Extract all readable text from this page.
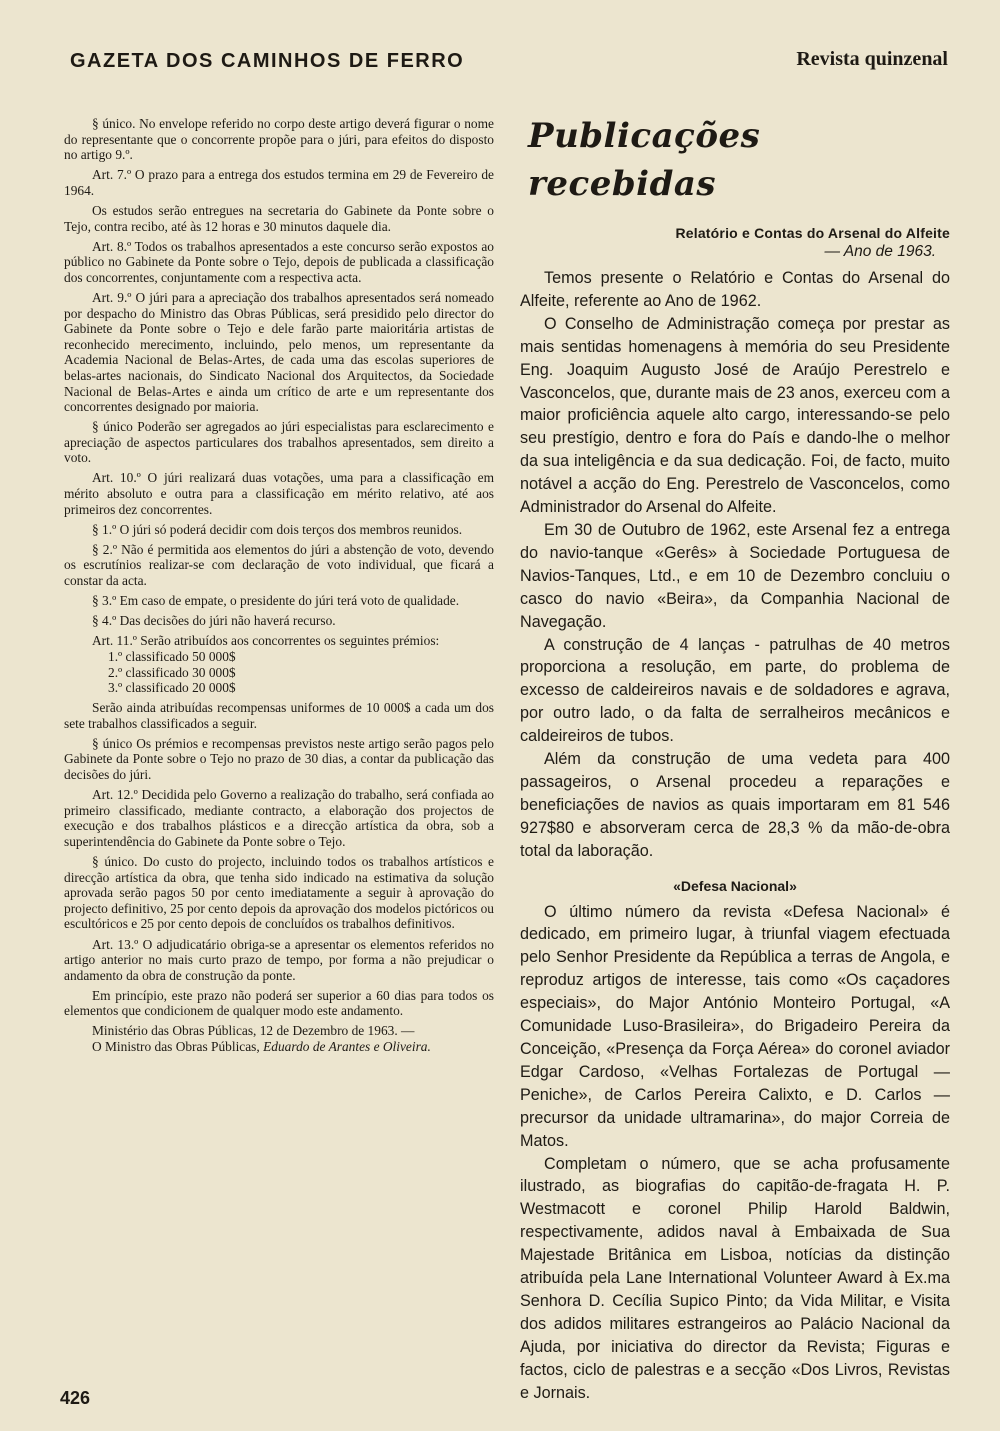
GAZETA DOS CAMINHOS DE FERRO	Revista quinzenal

§ único. No envelope referido no corpo deste artigo deverá figurar o nome do representante que o concorrente propõe para o júri, para efeitos do disposto no artigo 9.º.

Art. 7.º O prazo para a entrega dos estudos termina em 29 de Fevereiro de 1964.

Os estudos serão entregues na secretaria do Gabinete da Ponte sobre o Tejo, contra recibo, até às 12 horas e 30 minutos daquele dia.

Art. 8.º Todos os trabalhos apresentados a este concurso serão expostos ao público no Gabinete da Ponte sobre o Tejo, depois de publicada a classificação dos concorrentes, conjuntamente com a respectiva acta.

Art. 9.º O júri para a apreciação dos trabalhos apresentados será nomeado por despacho do Ministro das Obras Públicas, será presidido pelo director do Gabinete da Ponte sobre o Tejo e dele farão parte maioritária artistas de reconhecido merecimento, incluindo, pelo menos, um representante da Academia Nacional de Belas-Artes, de cada uma das escolas superiores de belas-artes nacionais, do Sindicato Nacional dos Arquitectos, da Sociedade Nacional de Belas-Artes e ainda um crítico de arte e um representante dos concorrentes designado por maioria.

§ único Poderão ser agregados ao júri especialistas para esclarecimento e apreciação de aspectos particulares dos trabalhos apresentados, sem direito a voto.

Art. 10.º O júri realizará duas votações, uma para a classificação em mérito absoluto e outra para a classificação em mérito relativo, até aos primeiros dez concorrentes.

§ 1.º O júri só poderá decidir com dois terços dos membros reunidos.

§ 2.º Não é permitida aos elementos do júri a abstenção de voto, devendo os escrutínios realizar-se com declaração de voto individual, que ficará a constar da acta.

§ 3.º Em caso de empate, o presidente do júri terá voto de qualidade.

§ 4.º Das decisões do júri não haverá recurso.

Art. 11.º Serão atribuídos aos concorrentes os seguintes prémios:

1.º classificado 50 000$

2.º classificado 30 000$

3.º classificado 20 000$

Serão ainda atribuídas recompensas uniformes de 10 000$ a cada um dos sete trabalhos classificados a seguir.

§ único Os prémios e recompensas previstos neste artigo serão pagos pelo Gabinete da Ponte sobre o Tejo no prazo de 30 dias, a contar da publicação das decisões do júri.

Art. 12.º Decidida pelo Governo a realização do trabalho, será confiada ao primeiro classificado, mediante contracto, a elaboração dos projectos de execução e dos trabalhos plásticos e a direcção artística da obra, sob a superintendência do Gabinete da Ponte sobre o Tejo.

§ único. Do custo do projecto, incluindo todos os trabalhos artísticos e direcção artística da obra, que tenha sido indicado na estimativa da solução aprovada serão pagos 50 por cento imediatamente a seguir à aprovação do projecto definitivo, 25 por cento depois da aprovação dos modelos pictóricos ou escultóricos e 25 por cento depois de concluídos os trabalhos definitivos.

Art. 13.º O adjudicatário obriga-se a apresentar os elementos referidos no artigo anterior no mais curto prazo de tempo, por forma a não prejudicar o andamento da obra de construção da ponte.

Em princípio, este prazo não poderá ser superior a 60 dias para todos os elementos que condicionem de qualquer modo este andamento.

Ministério das Obras Públicas, 12 de Dezembro de 1963. —

O Ministro das Obras Públicas, Eduardo de Arantes e Oliveira.

Publicações recebidas
Relatório e Contas do Arsenal do Alfeite
— Ano de 1963.

Temos presente o Relatório e Contas do Arsenal do Alfeite, referente ao Ano de 1962.

O Conselho de Administração começa por prestar as mais sentidas homenagens à memória do seu Presidente Eng. Joaquim Augusto José de Araújo Perestrelo e Vasconcelos, que, durante mais de 23 anos, exerceu com a maior proficiência aquele alto cargo, interessando-se pelo seu prestígio, dentro e fora do País e dando-lhe o melhor da sua inteligência e da sua dedicação. Foi, de facto, muito notável a acção do Eng. Perestrelo de Vasconcelos, como Administrador do Arsenal do Alfeite.

Em 30 de Outubro de 1962, este Arsenal fez a entrega do navio-tanque «Gerês» à Sociedade Portuguesa de Navios-Tanques, Ltd., e em 10 de Dezembro concluiu o casco do navio «Beira», da Companhia Nacional de Navegação.

A construção de 4 lanças - patrulhas de 40 metros proporciona a resolução, em parte, do problema de excesso de caldeireiros navais e de soldadores e agrava, por outro lado, o da falta de serralheiros mecânicos e caldeireiros de tubos.

Além da construção de uma vedeta para 400 passageiros, o Arsenal procedeu a reparações e beneficiações de navios as quais importaram em 81 546 927$80 e absorveram cerca de 28,3 % da mão-de-obra total da laboração.

«Defesa Nacional»

O último número da revista «Defesa Nacional» é dedicado, em primeiro lugar, à triunfal viagem efectuada pelo Senhor Presidente da República a terras de Angola, e reproduz artigos de interesse, tais como «Os caçadores especiais», do Major António Monteiro Portugal, «A Comunidade Luso-Brasileira», do Brigadeiro Pereira da Conceição, «Presença da Força Aérea» do coronel aviador Edgar Cardoso, «Velhas Fortalezas de Portugal — Peniche», de Carlos Pereira Calixto, e D. Carlos — precursor da unidade ultramarina», do major Correia de Matos.

Completam o número, que se acha profusamente ilustrado, as biografias do capitão-de-fragata H. P. Westmacott e coronel Philip Harold Baldwin, respectivamente, adidos naval à Embaixada de Sua Majestade Britânica em Lisboa, notícias da distinção atribuída pela Lane International Volunteer Award à Ex.ma Senhora D. Cecília Supico Pinto; da Vida Militar, e Visita dos adidos militares estrangeiros ao Palácio Nacional da Ajuda, por iniciativa do director da Revista; Figuras e factos, ciclo de palestras e a secção «Dos Livros, Revistas e Jornais.

426
